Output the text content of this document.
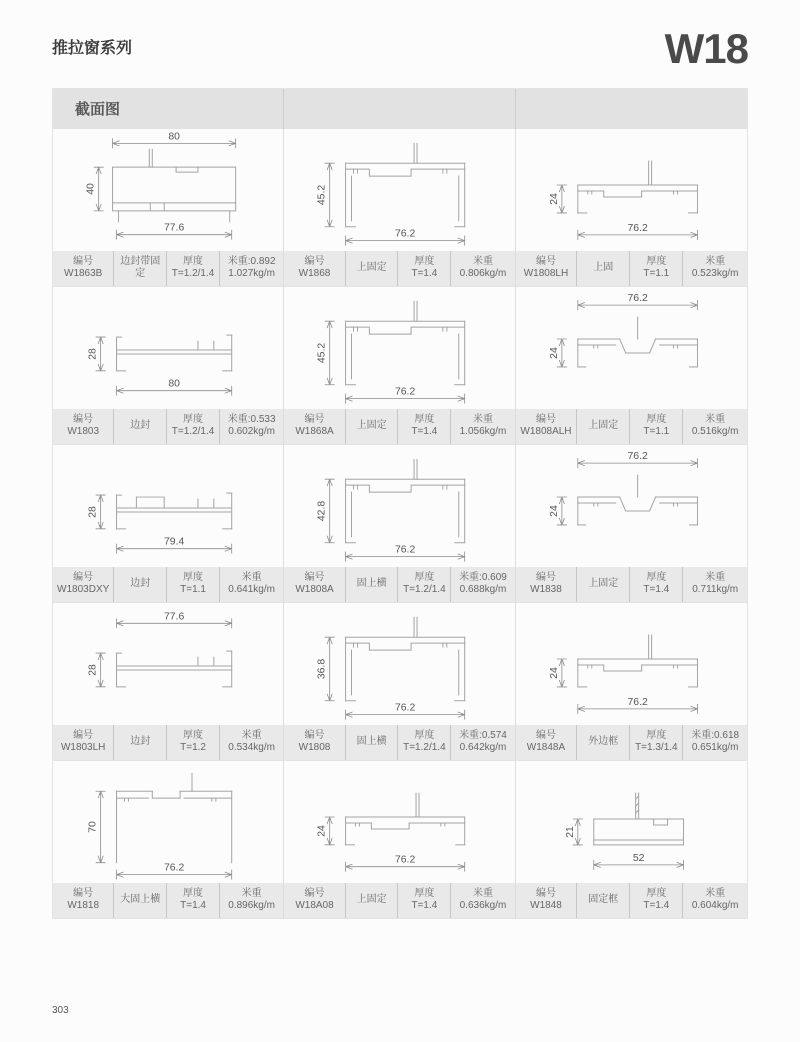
推拉窗系列	W18
截面图
80
40
77.6
编号
W1863B
边封带固定
厚度
T=1.2/1.4
米重:0.892
1.027kg/m
45.2
76.2
编号
W1868
上固定
厚度
T=1.4
米重
0.806kg/m
24
76.2
编号
W1808LH
上固
厚度
T=1.1
米重
0.523kg/m
28
80
编号
W1803
边封
厚度
T=1.2/1.4
米重:0.533
0.602kg/m
45.2
76.2
编号
W1868A
上固定
厚度
T=1.4
米重
1.056kg/m
76.2
24
编号
W1808ALH
上固定
厚度
T=1.1
米重
0.516kg/m
28
79.4
编号
W1803DXY
边封
厚度
T=1.1
米重
0.641kg/m
42.8
76.2
编号
W1808A
固上横
厚度
T=1.2/1.4
米重:0.609
0.688kg/m
76.2
24
编号
W1838
上固定
厚度
T=1.4
米重
0.711kg/m
77.6
28
编号
W1803LH
边封
厚度
T=1.2
米重
0.534kg/m
36.8
76.2
编号
W1808
固上横
厚度
T=1.2/1.4
米重:0.574
0.642kg/m
24
76.2
编号
W1848A
外边框
厚度
T=1.3/1.4
米重:0.618
0.651kg/m
70
76.2
编号
W1818
大固上横
厚度
T=1.4
米重
0.896kg/m
24
76.2
编号
W18A08
上固定
厚度
T=1.4
米重
0.636kg/m
21
52
编号
W1848
固定框
厚度
T=1.4
米重
0.604kg/m
303
